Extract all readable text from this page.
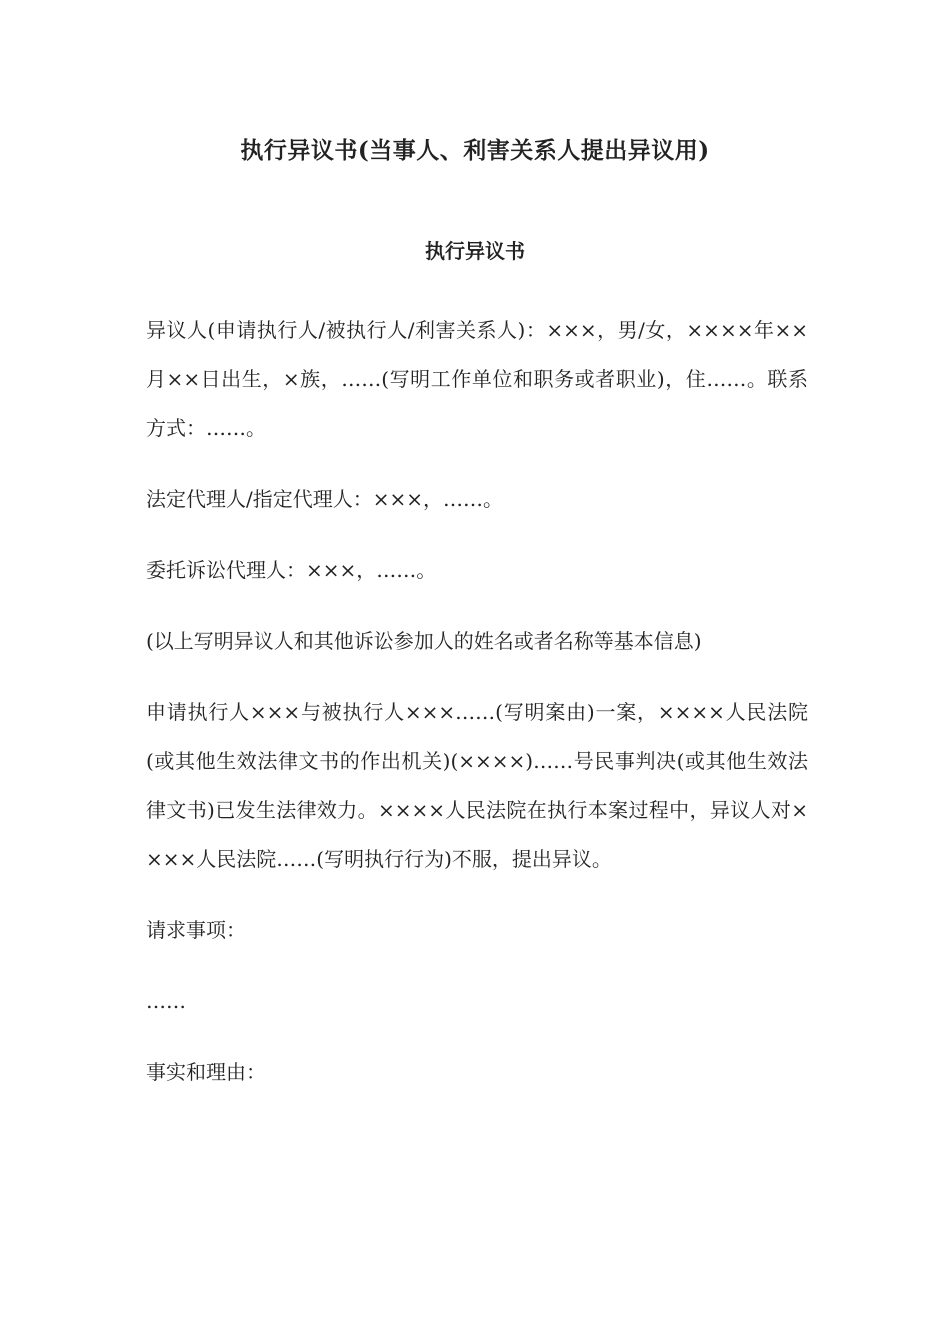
执行异议书(当事人、利害关系人提出异议用)
执行异议书

异议人(申请执行人/被执行人/利害关系人)：×××，男/女，××××年××月××日出生，×族，……(写明工作单位和职务或者职业)，住……。联系方式：……。

法定代理人/指定代理人：×××，……。

委托诉讼代理人：×××，……。

(以上写明异议人和其他诉讼参加人的姓名或者名称等基本信息)

申请执行人×××与被执行人×××……(写明案由)一案，××××人民法院(或其他生效法律文书的作出机关)(××××)……号民事判决(或其他生效法律文书)已发生法律效力。××××人民法院在执行本案过程中，异议人对××××人民法院……(写明执行行为)不服，提出异议。

请求事项：

……

事实和理由：
